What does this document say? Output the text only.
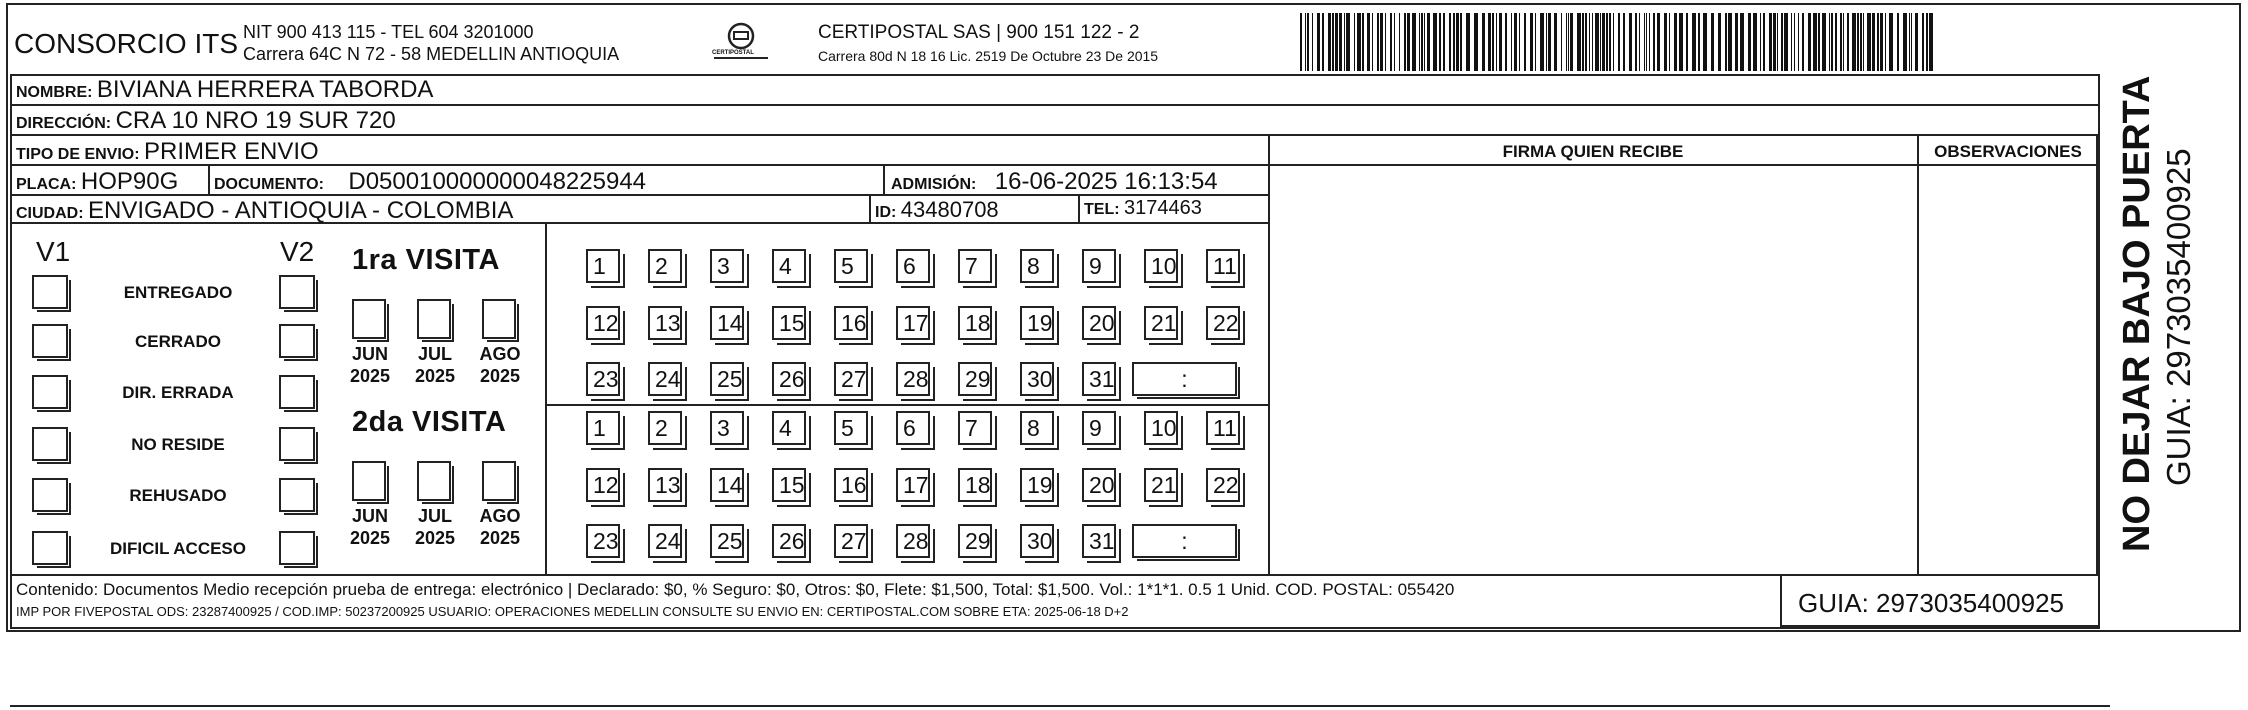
CONSORCIO ITS NIT 900 413 115 - TEL 604 3201000
Carrera 64C N 72 - 58 MEDELLIN ANTIOQUIA	CERTIPOSTAL
CERTIPOSTAL SAS | 900 151 122 - 2
Carrera 80d N 18 16 Lic. 2519 De Octubre 23 De 2015
NOMBRE: BIVIANA HERRERA TABORDA
DIRECCIÓN: CRA 10 NRO 19 SUR 720
TIPO DE ENVIO: PRIMER ENVIO
PLACA: HOP90G DOCUMENTO: D050010000000048225944	ADMISIÓN: 16-06-2025 16:13:54
CIUDAD: ENVIGADO - ANTIOQUIA - COLOMBIA	ID: 43480708	TEL: 3174463
FIRMA QUIEN RECIBE	OBSERVACIONES
V1	V2
ENTREGADO
CERRADO
DIR. ERRADA
NO RESIDE
REHUSADO
DIFICIL ACCESO
1ra VISITA
JUN
2025
JUL
2025
AGO
2025
1	2	3	4	5	6	7	8	9	10	11
12	13	14	15	16	17	18	19	20	21	22
23	24	25	26	27	28	29	30	31	:
2da VISITA
JUN
2025
JUL
2025
AGO
2025
1	2	3	4	5	6	7	8	9	10	11
12	13	14	15	16	17	18	19	20	21	22
23	24	25	26	27	28	29	30	31	:
Contenido: Documentos Medio recepción prueba de entrega: electrónico | Declarado: $0, % Seguro: $0, Otros: $0, Flete: $1,500, Total: $1,500. Vol.: 1*1*1. 0.5 1 Unid. COD. POSTAL: 055420
IMP POR FIVEPOSTAL ODS: 23287400925 / COD.IMP: 50237200925 USUARIO: OPERACIONES MEDELLIN CONSULTE SU ENVIO EN: CERTIPOSTAL.COM SOBRE ETA: 2025-06-18 D+2	GUIA: 2973035400925
NO DEJAR BAJO PUERTA GUIA: 2973035400925
